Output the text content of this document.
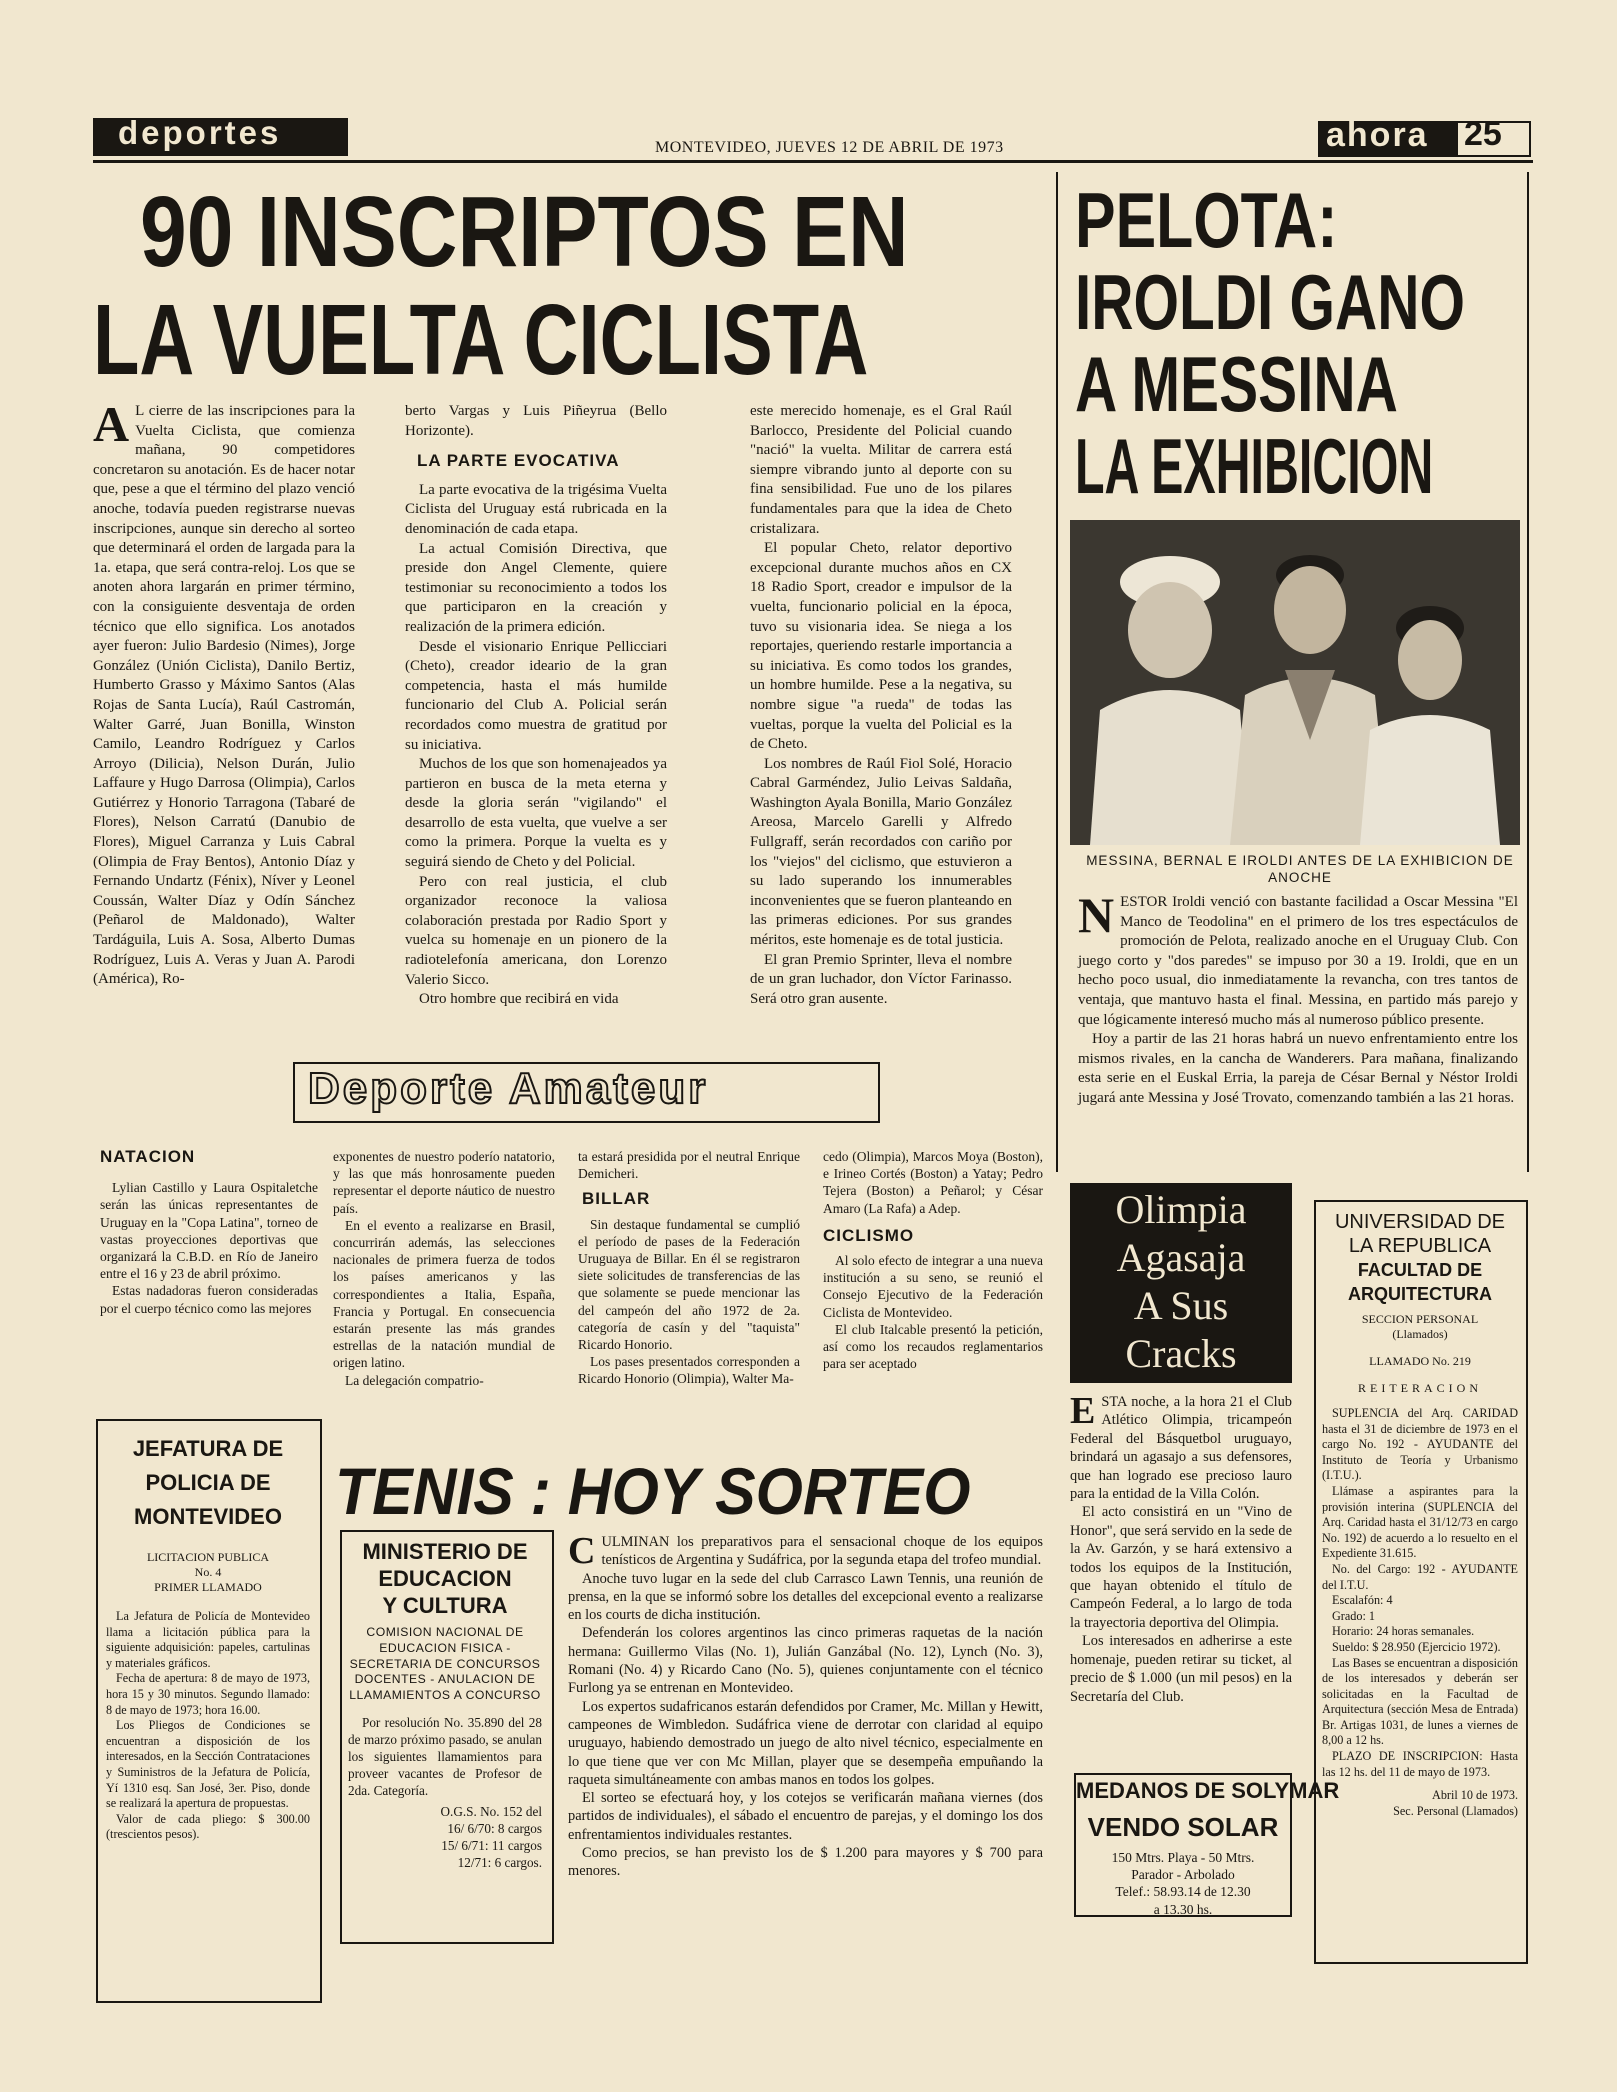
deportes	MONTEVIDEO, JUEVES 12 DE ABRIL DE 1973	ahora 25
90 INSCRIPTOS EN
LA VUELTA CICLISTA
A L cierre de las inscripciones para la Vuelta Ciclista, que comienza mañana, 90 competidores concretaron su anotación. Es de hacer notar que, pese a que el término del plazo venció anoche, todavía pueden registrarse nuevas inscripciones, aunque sin derecho al sorteo que determinará el orden de largada para la 1a. etapa, que será contra-reloj. Los que se anoten ahora largarán en primer término, con la consiguiente desventaja de orden técnico que ello significa. Los anotados ayer fueron: Julio Bardesio (Nimes), Jorge González (Unión Ciclista), Danilo Bertiz, Humberto Grasso y Máximo Santos (Alas Rojas de Santa Lucía), Raúl Castromán, Walter Garré, Juan Bonilla, Winston Camilo, Leandro Rodríguez y Carlos Arroyo (Dilicia), Nelson Durán, Julio Laffaure y Hugo Darrosa (Olimpia), Carlos Gutiérrez y Honorio Tarragona (Tabaré de Flores), Nelson Carratú (Danubio de Flores), Miguel Carranza y Luis Cabral (Olimpia de Fray Bentos), Antonio Díaz y Fernando Undartz (Fénix), Níver y Leonel Coussán, Walter Díaz y Odín Sánchez (Peñarol de Maldonado), Walter Tardáguila, Luis A. Sosa, Alberto Dumas Rodríguez, Luis A. Veras y Juan A. Parodi (América), Ro-

berto Vargas y Luis Piñeyrua (Bello Horizonte).

LA PARTE EVOCATIVA

La parte evocativa de la trigésima Vuelta Ciclista del Uruguay está rubricada en la denominación de cada etapa.

La actual Comisión Directiva, que preside don Angel Clemente, quiere testimoniar su reconocimiento a todos los que participaron en la creación y realización de la primera edición.

Desde el visionario Enrique Pellicciari (Cheto), creador ideario de la gran competencia, hasta el más humilde funcionario del Club A. Policial serán recordados como muestra de gratitud por su iniciativa.

Muchos de los que son homenajeados ya partieron en busca de la meta eterna y desde la gloria serán "vigilando" el desarrollo de esta vuelta, que vuelve a ser como la primera. Porque la vuelta es y seguirá siendo de Cheto y del Policial.

Pero con real justicia, el club organizador reconoce la valiosa colaboración prestada por Radio Sport y vuelca su homenaje en un pionero de la radiotelefonía americana, don Lorenzo Valerio Sicco.

Otro hombre que recibirá en vida

este merecido homenaje, es el Gral Raúl Barlocco, Presidente del Policial cuando "nació" la vuelta. Militar de carrera está siempre vibrando junto al deporte con su fina sensibilidad. Fue uno de los pilares fundamentales para que la idea de Cheto cristalizara.

El popular Cheto, relator deportivo excepcional durante muchos años en CX 18 Radio Sport, creador e impulsor de la vuelta, funcionario policial en la época, tuvo su visionaria idea. Se niega a los reportajes, queriendo restarle importancia a su iniciativa. Es como todos los grandes, un hombre humilde. Pese a la negativa, su nombre sigue "a rueda" de todas las vueltas, porque la vuelta del Policial es la de Cheto.

Los nombres de Raúl Fiol Solé, Horacio Cabral Garméndez, Julio Leivas Saldaña, Washington Ayala Bonilla, Mario González Areosa, Marcelo Garelli y Alfredo Fullgraff, serán recordados con cariño por los "viejos" del ciclismo, que estuvieron a su lado superando los innumerables inconvenientes que se fueron planteando en las primeras ediciones. Por sus grandes méritos, este homenaje es de total justicia.

El gran Premio Sprinter, lleva el nombre de un gran luchador, don Víctor Farinasso. Será otro gran ausente.

PELOTA:
IROLDI GANO
A MESSINA
LA EXHIBICION
MESSINA, BERNAL E IROLDI ANTES DE LA EXHIBICION DE ANOCHE
N ESTOR Iroldi venció con bastante facilidad a Oscar Messina "El Manco de Teodolina" en el primero de los tres espectáculos de promoción de Pelota, realizado anoche en el Uruguay Club. Con juego corto y "dos paredes" se impuso por 30 a 19. Iroldi, que en un hecho poco usual, dio inmediatamente la revancha, con tres tantos de ventaja, que mantuvo hasta el final. Messina, en partido más parejo y que lógicamente interesó mucho más al numeroso público presente.

Hoy a partir de las 21 horas habrá un nuevo enfrentamiento entre los mismos rivales, en la cancha de Wanderers. Para mañana, finalizando esta serie en el Euskal Erria, la pareja de César Bernal y Néstor Iroldi jugará ante Messina y José Trovato, comenzando también a las 21 horas.

Deporte Amateur
NATACION

Lylian Castillo y Laura Ospitaletche serán las únicas representantes de Uruguay en la "Copa Latina", torneo de vastas proyecciones deportivas que organizará la C.B.D. en Río de Janeiro entre el 16 y 23 de abril próximo.

Estas nadadoras fueron consideradas por el cuerpo técnico como las mejores

exponentes de nuestro poderío natatorio, y las que más honrosamente pueden representar el deporte náutico de nuestro país.

En el evento a realizarse en Brasil, concurrirán además, las selecciones nacionales de primera fuerza de todos los países americanos y las correspondientes a Italia, España, Francia y Portugal. En consecuencia estarán presente las más grandes estrellas de la natación mundial de origen latino.

La delegación compatrio-

ta estará presidida por el neutral Enrique Demicheri.

BILLAR

Sin destaque fundamental se cumplió el período de pases de la Federación Uruguaya de Billar. En él se registraron siete solicitudes de transferencias de las que solamente se puede mencionar las del campeón del año 1972 de 2a. categoría de casín y del "taquista" Ricardo Honorio.

Los pases presentados corresponden a Ricardo Honorio (Olimpia), Walter Ma-

cedo (Olimpia), Marcos Moya (Boston), e Irineo Cortés (Boston) a Yatay; Pedro Tejera (Boston) a Peñarol; y César Amaro (La Rafa) a Adep.

CICLISMO

Al solo efecto de integrar a una nueva institución a su seno, se reunió el Consejo Ejecutivo de la Federación Ciclista de Montevideo.

El club Italcable presentó la petición, así como los recaudos reglamentarios para ser aceptado

Olimpia
Agasaja
A Sus
Cracks
E STA noche, a la hora 21 el Club Atlético Olimpia, tricampeón Federal del Básquetbol uruguayo, brindará un agasajo a sus defensores, que han logrado ese precioso lauro para la entidad de la Villa Colón.

El acto consistirá en un "Vino de Honor", que será servido en la sede de la Av. Garzón, y se hará extensivo a todos los equipos de la Institución, que hayan obtenido el título de Campeón Federal, a lo largo de toda la trayectoria deportiva del Olimpia.

Los interesados en adherirse a este homenaje, pueden retirar su ticket, al precio de $ 1.000 (un mil pesos) en la Secretaría del Club.

MEDANOS DE SOLYMAR
VENDO SOLAR
150 Mtrs. Playa - 50 Mtrs.
Parador - Arbolado
Telef.: 58.93.14 de 12.30
a 13.30 hs.
UNIVERSIDAD DE
LA REPUBLICA
FACULTAD DE
ARQUITECTURA
SECCION PERSONAL
(Llamados)
LLAMADO No. 219
REITERACION

SUPLENCIA del Arq. CARIDAD hasta el 31 de diciembre de 1973 en el cargo No. 192 - AYUDANTE del Instituto de Teoría y Urbanismo (I.T.U.).

Llámase a aspirantes para la provisión interina (SUPLENCIA del Arq. Caridad hasta el 31/12/73 en cargo No. 192) de acuerdo a lo resuelto en el Expediente 31.615.

No. del Cargo: 192 - AYUDANTE del I.T.U.

Escalafón: 4

Grado: 1

Horario: 24 horas semanales.

Sueldo: $ 28.950 (Ejercicio 1972).

Las Bases se encuentran a disposición de los interesados y deberán ser solicitadas en la Facultad de Arquitectura (sección Mesa de Entrada) Br. Artigas 1031, de lunes a viernes de 8,00 a 12 hs.

PLAZO DE INSCRIPCION: Hasta las 12 hs. del 11 de mayo de 1973.

Abril 10 de 1973.

Sec. Personal (Llamados)

JEFATURA DE
POLICIA DE
MONTEVIDEO
LICITACION PUBLICA
No. 4
PRIMER LLAMADO

La Jefatura de Policía de Montevideo llama a licitación pública para la siguiente adquisición: papeles, cartulinas y materiales gráficos.

Fecha de apertura: 8 de mayo de 1973, hora 15 y 30 minutos. Segundo llamado: 8 de mayo de 1973; hora 16.00.

Los Pliegos de Condiciones se encuentran a disposición de los interesados, en la Sección Contrataciones y Suministros de la Jefatura de Policía, Yí 1310 esq. San José, 3er. Piso, donde se realizará la apertura de propuestas.

Valor de cada pliego: $ 300.00 (trescientos pesos).

TENIS : HOY SORTEO
C ULMINAN los preparativos para el sensacional choque de los equipos tenísticos de Argentina y Sudáfrica, por la segunda etapa del trofeo mundial.

Anoche tuvo lugar en la sede del club Carrasco Lawn Tennis, una reunión de prensa, en la que se informó sobre los detalles del excepcional evento a realizarse en los courts de dicha institución.

Defenderán los colores argentinos las cinco primeras raquetas de la nación hermana: Guillermo Vilas (No. 1), Julián Ganzábal (No. 12), Lynch (No. 3), Romani (No. 4) y Ricardo Cano (No. 5), quienes conjuntamente con el técnico Furlong ya se entrenan en Montevideo.

Los expertos sudafricanos estarán defendidos por Cramer, Mc. Millan y Hewitt, campeones de Wimbledon. Sudáfrica viene de derrotar con claridad al equipo uruguayo, habiendo demostrado un juego de alto nivel técnico, especialmente en lo que tiene que ver con Mc Millan, player que se desempeña empuñando la raqueta simultáneamente con ambas manos en todos los golpes.

El sorteo se efectuará hoy, y los cotejos se verificarán mañana viernes (dos partidos de individuales), el sábado el encuentro de parejas, y el domingo los dos enfrentamientos individuales restantes.

Como precios, se han previsto los de $ 1.200 para mayores y $ 700 para menores.

MINISTERIO DE
EDUCACION
Y CULTURA
COMISION NACIONAL DE EDUCACION FISICA - SECRETARIA DE CONCURSOS DOCENTES - ANULACION DE LLAMAMIENTOS A CONCURSO

Por resolución No. 35.890 del 28 de marzo próximo pasado, se anulan los siguientes llamamientos para proveer vacantes de Profesor de 2da. Categoría.

O.G.S. No. 152 del

16/ 6/70: 8 cargos

15/ 6/71: 11 cargos

12/71: 6 cargos.
